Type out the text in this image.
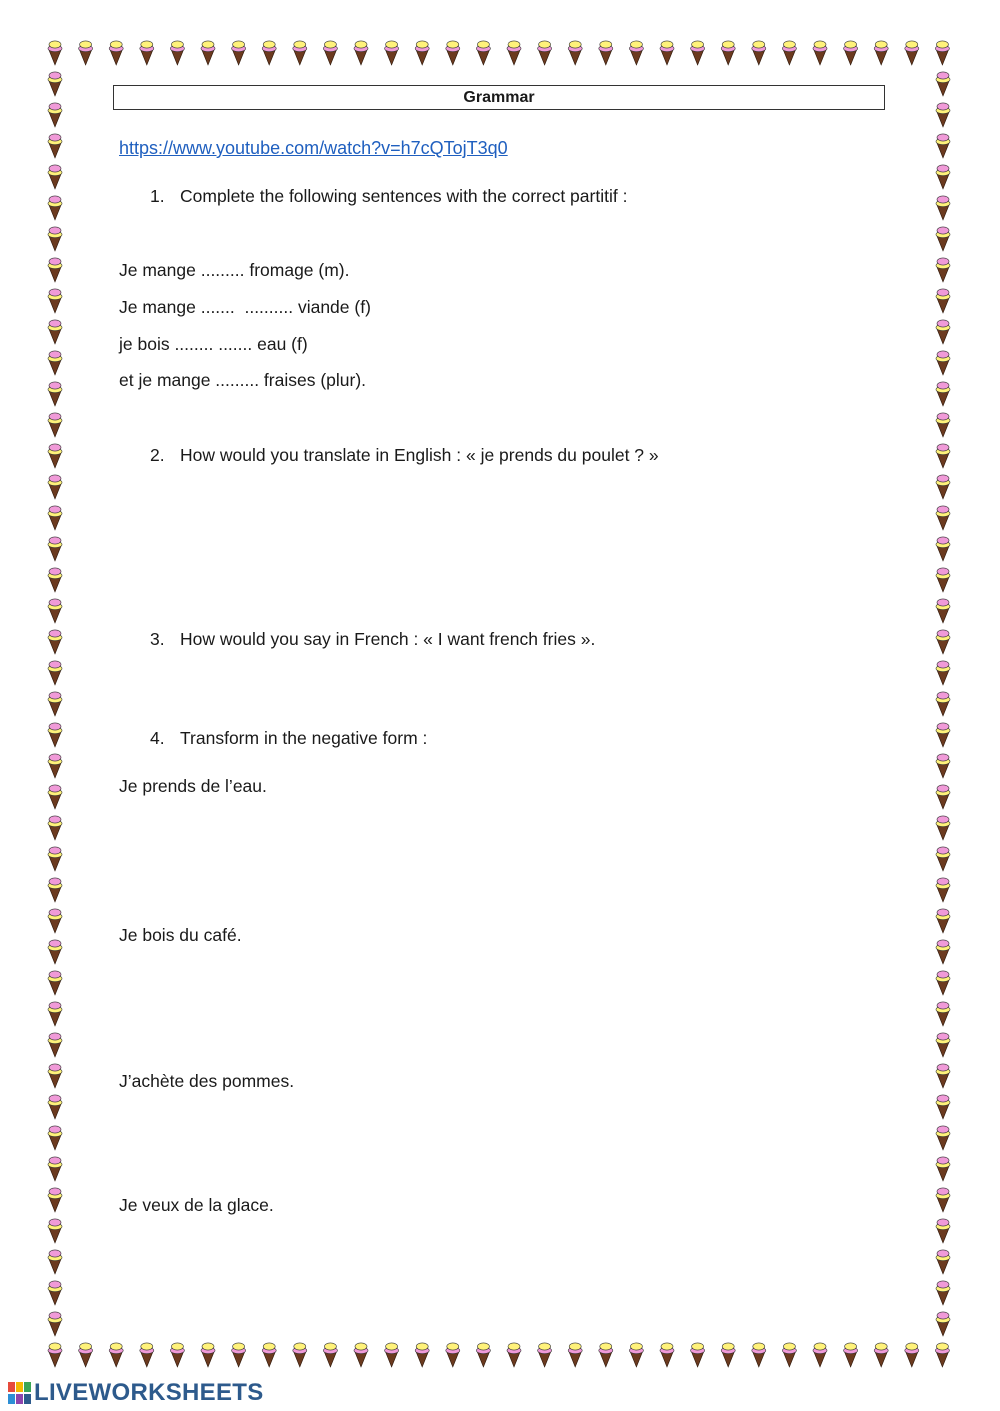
Grammar
https://www.youtube.com/watch?v=h7cQTojT3q0
1. Complete the following sentences with the correct partitif :
Je mange ......... fromage (m).
Je mange .......  .......... viande (f)
je bois ........ ....... eau (f)
et je mange ......... fraises (plur).
2. How would you translate in English : « je prends du poulet ? »
3. How would you say in French : « I want french fries ».
4. Transform in the negative form :
Je prends de l’eau.
Je bois du café.
J’achète des pommes.
Je veux de la glace.
LIVEWORKSHEETS
